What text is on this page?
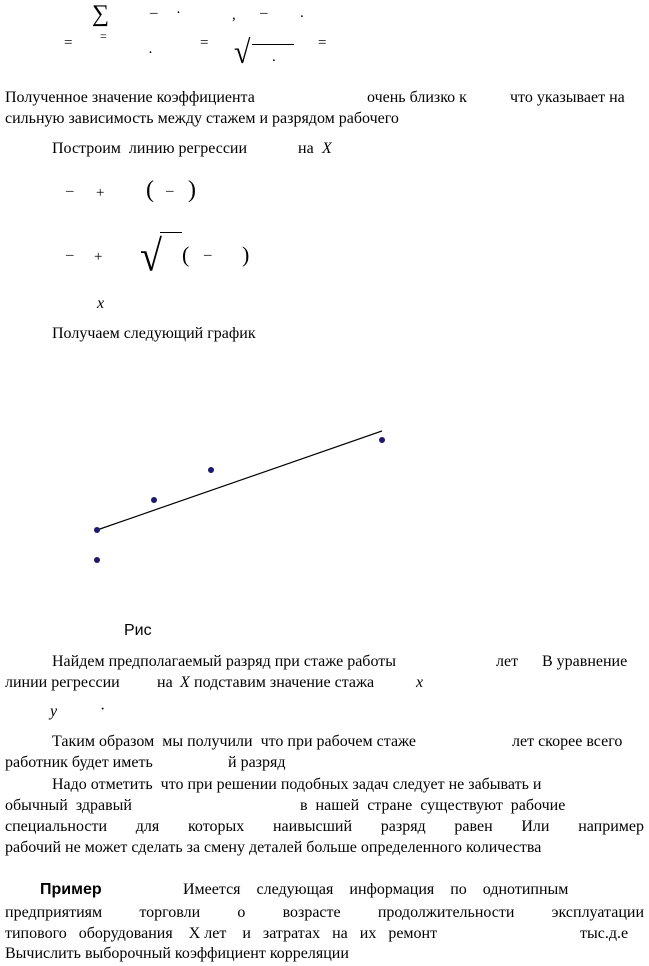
∑	– ·	, – .
= =
·
= √ .
=
Полученное значение коэффициента	очень близко к	что указывает на
сильную зависимость между стажем и разрядом рабочего
Построим  линию регрессии	на X
– + ( – )
– + √ ( – )
x
Получаем следующий график
Рис
Найдем предполагаемый разряд при стаже работы	лет В уравнение
линии регрессии на X подставим значение стажа	x
y	·
Таким образом  мы получили  что при рабочем стаже	лет скорее всего
работник будет иметь	й разряд
Надо отметить  что при решении подобных задач следует не забывать и
обычный  здравый	в  нашей  стране  существуют  рабочие
специальности для которых наивысший разряд равен Или например
рабочий не может сделать за смену деталей больше определенного количества
Пример	Имеется    следующая    информация    по    однотипным
предприятиям торговли о возрасте продолжительности эксплуатации
типового   оборудования    Х лет    и   затратах   на   их   ремонт	тыс.д.е
Вычислить выборочный коэффициент корреляции
